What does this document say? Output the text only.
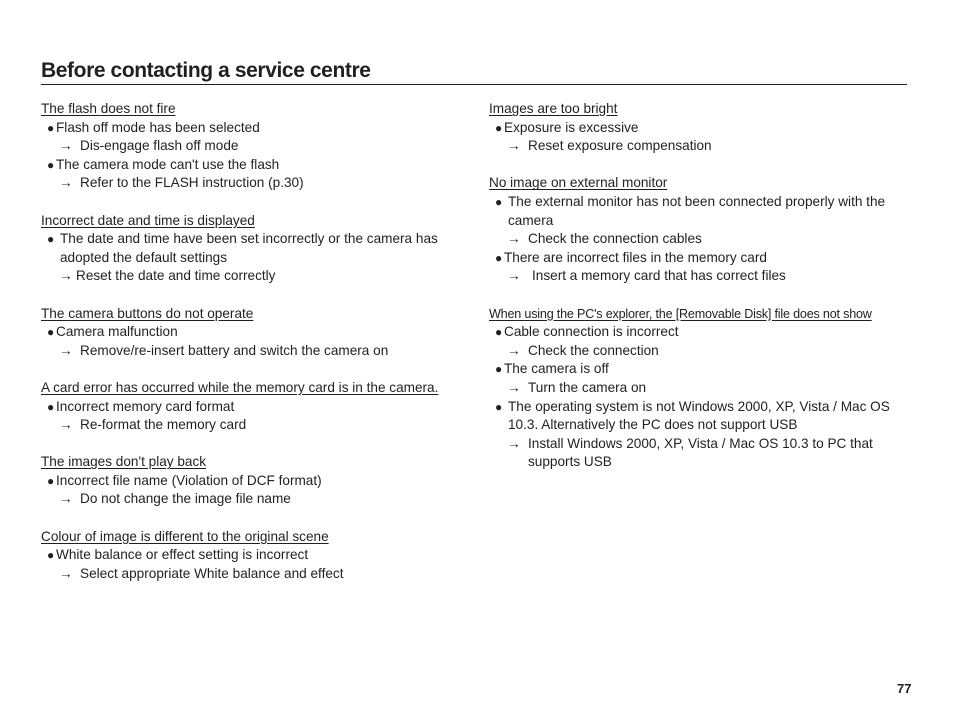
Before contacting a service centre
The flash does not fire
● Flash off mode has been selected
→ Dis-engage flash off mode
● The camera mode can't use the flash
→ Refer to the FLASH instruction (p.30)
Incorrect date and time is displayed
● The date and time have been set incorrectly or the camera has adopted the default settings
→ Reset the date and time correctly
The camera buttons do not operate
● Camera malfunction
→ Remove/re-insert battery and switch the camera on
A card error has occurred while the memory card is in the camera.
● Incorrect memory card format
→ Re-format the memory card
The images don't play back
● Incorrect file name (Violation of DCF format)
→ Do not change the image file name
Colour of image is different to the original scene
● White balance or effect setting is incorrect
→ Select appropriate White balance and effect
Images are too bright
● Exposure is excessive
→ Reset exposure compensation
No image on external monitor
● The external monitor has not been connected properly with the camera
→ Check the connection cables
● There are incorrect files in the memory card
→ Insert a memory card that has correct files
When using the PC's explorer, the [Removable Disk] file does not show
● Cable connection is incorrect
→ Check the connection
● The camera is off
→ Turn the camera on
● The operating system is not Windows 2000, XP, Vista / Mac OS 10.3. Alternatively the PC does not support USB
→ Install Windows 2000, XP, Vista / Mac OS 10.3 to PC that supports USB
77
